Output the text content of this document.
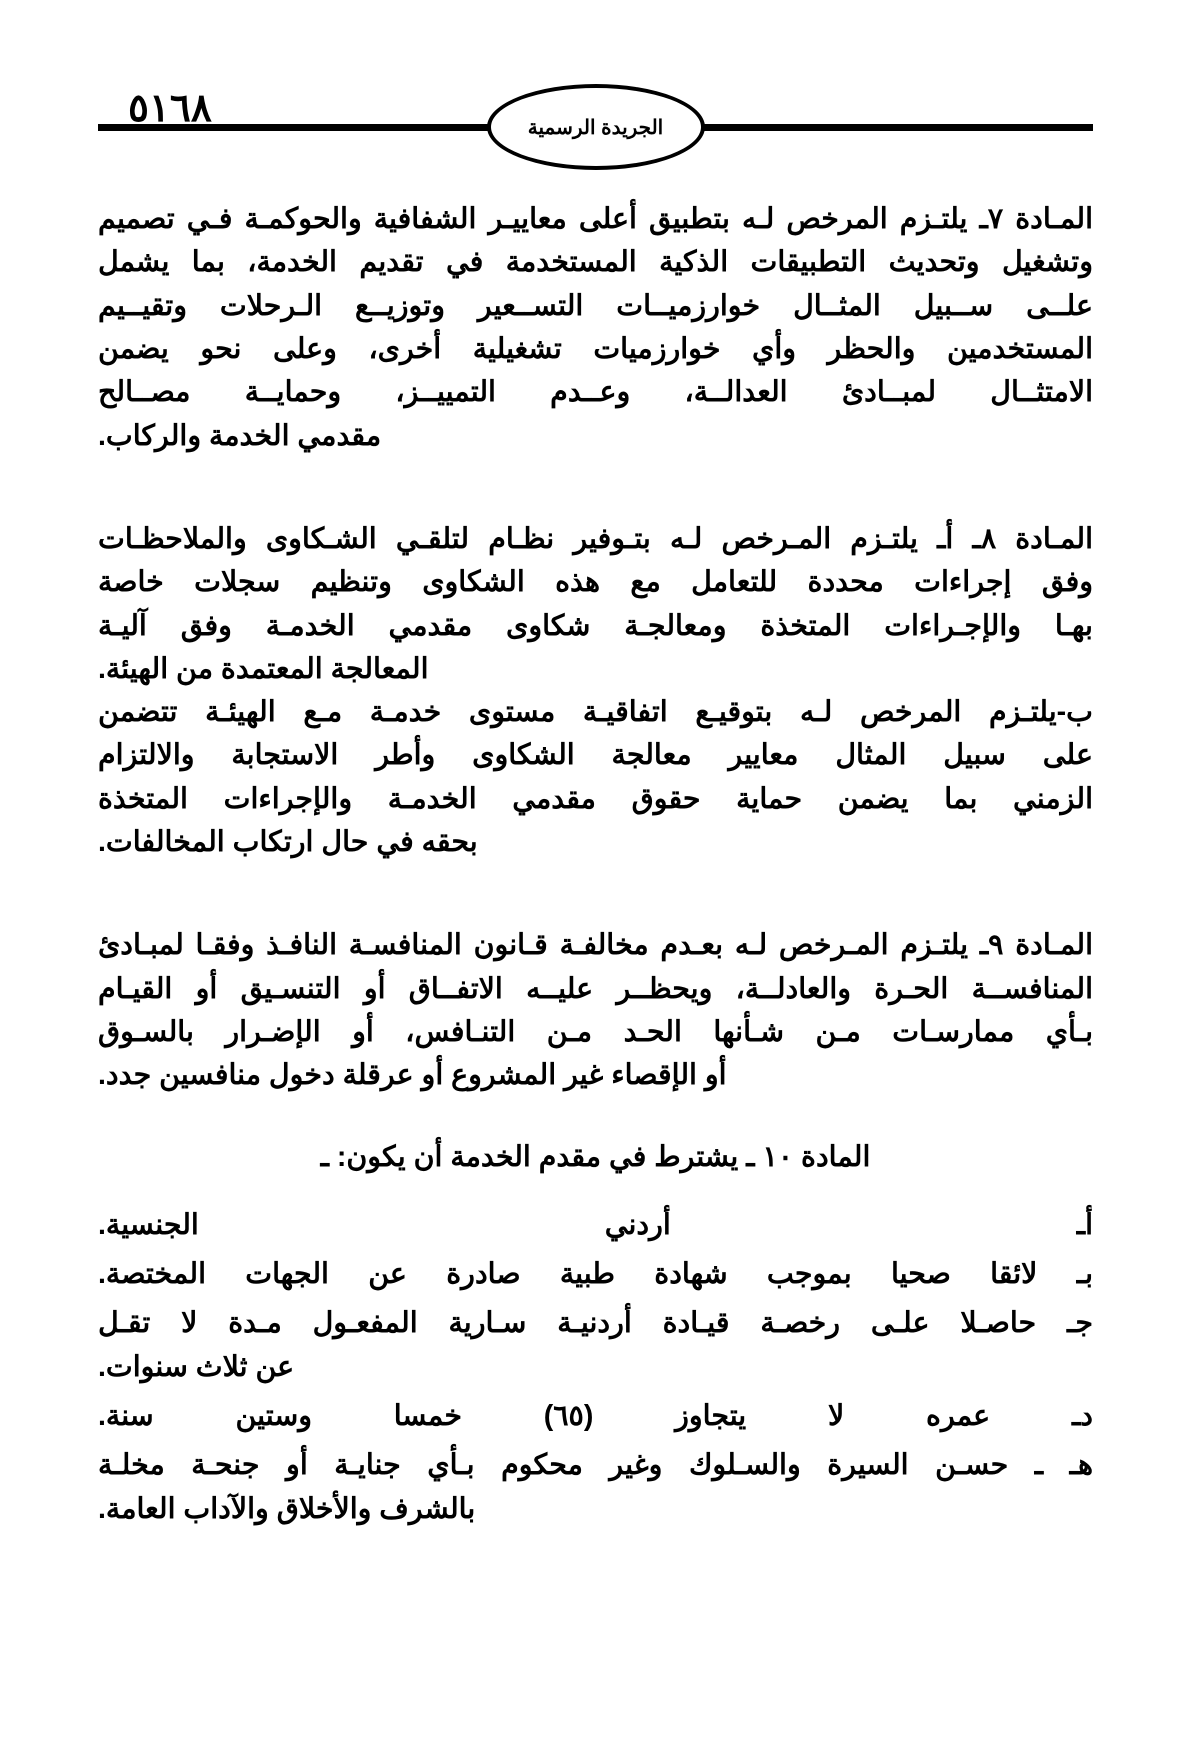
٥١٦٨	الجريدة الرسمية

المـادة ٧ـ يلتـزم المرخص لـه بتطبيق أعلى معاييـر الشفافية والحوكمـة فـي تصميم

وتشغيل وتحديث التطبيقات الذكية المستخدمة في تقديم الخدمة، بما يشمل

علــى ســبيل المثــال خوارزميــات التســعير وتوزيــع الـرحلات وتقيــيم

المستخدمين والحظر وأي خوارزميات تشغيلية أخرى، وعلى نحو يضمن

الامتثــال لمبــادئ العدالــة، وعــدم التمييــز، وحمايــة مصــالح

مقدمي الخدمة والركاب.

المـادة ٨ـ أـ يلتـزم المـرخص لـه بتـوفير نظـام لتلقـي الشـكاوى والملاحظـات

وفق إجراءات محددة للتعامل مع هذه الشكاوى وتنظيم سجلات خاصة

بهـا والإجـراءات المتخذة ومعالجـة شكاوى مقدمي الخدمـة وفق آليـة

المعالجة المعتمدة من الهيئة.

ب-يلتـزم المرخص لـه بتوقيـع اتفاقيـة مستوى خدمـة مـع الهيئـة تتضمن

على سبيل المثال معايير معالجة الشكاوى وأطر الاستجابة والالتزام

الزمني بما يضمن حماية حقوق مقدمي الخدمـة والإجراءات المتخذة

بحقه في حال ارتكاب المخالفات.

المـادة ٩ـ يلتـزم المـرخص لـه بعـدم مخالفـة قـانون المنافسـة النافـذ وفقـا لمبـادئ

المنافســة الحـرة والعادلــة، ويحظــر عليــه الاتفــاق أو التنسـيق أو القيـام

بـأي ممارسـات مـن شـأنها الحـد مـن التنـافس، أو الإضـرار بالسـوق

أو الإقصاء غير المشروع أو عرقلة دخول منافسين جدد.

المادة ١٠ ـ يشترط في مقدم الخدمة أن يكون: ـ
أـ أردني الجنسية.
بـ لائقا صحيا بموجب شهادة طبية صادرة عن الجهات المختصة.
جـ حاصـلا علـى رخصـة قيـادة أردنيـة سـارية المفعـول مـدة لا تقـل
عن ثلاث سنوات.
دـ عمره لا يتجاوز (٦٥) خمسا وستين سنة.
هـ ـ حسـن السيرة والسـلوك وغير محكوم بـأي جنايـة أو جنحـة مخلـة
بالشرف والأخلاق والآداب العامة.
